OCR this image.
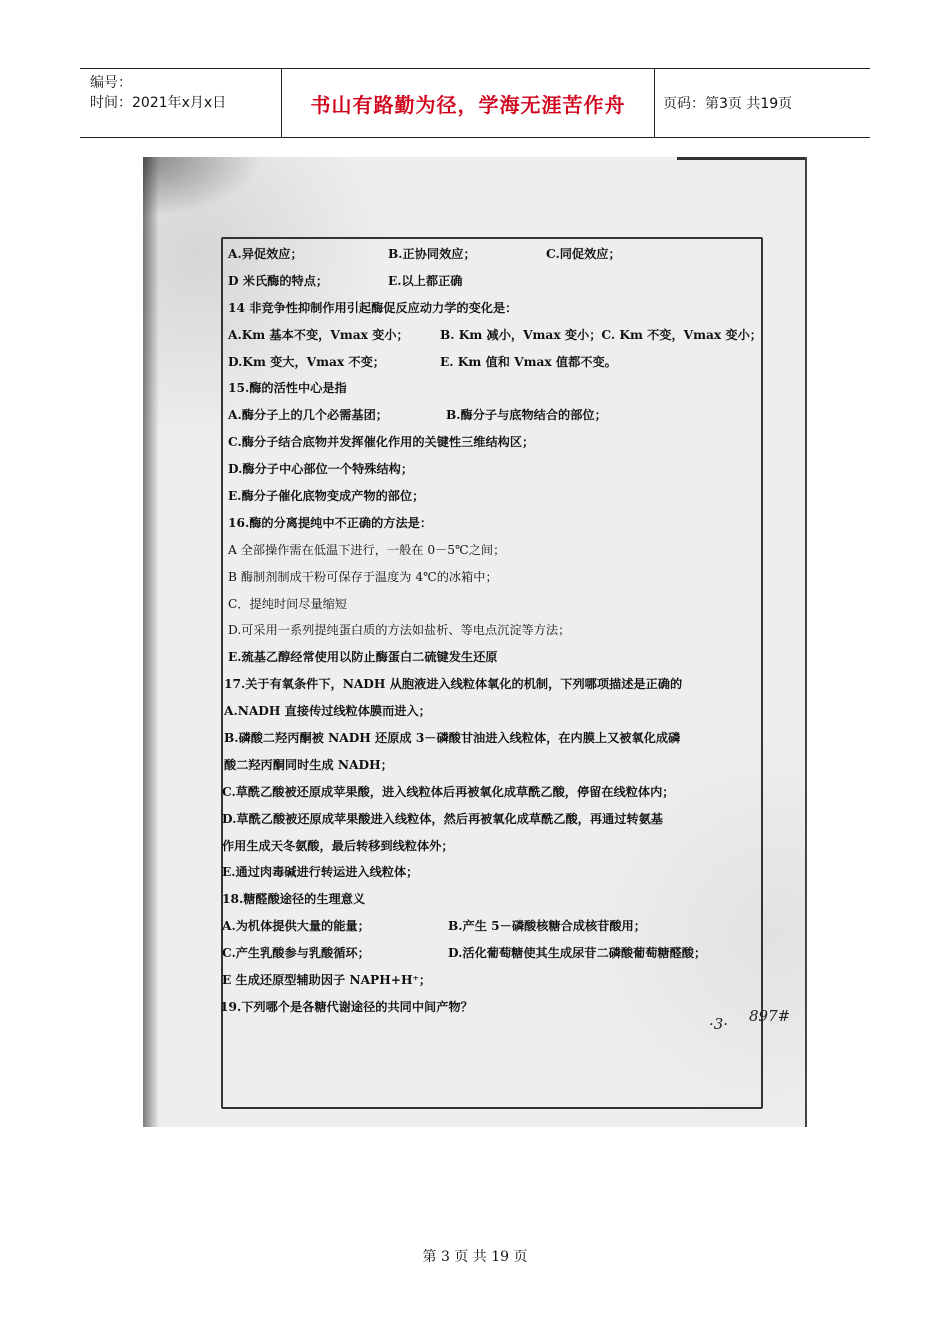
编号：
时间：2021年x月x日	书山有路勤为径，学海无涯苦作舟	页码：第3页 共19页
A.异促效应；	B.正协同效应；	C.同促效应；
D 米氏酶的特点；	E.以上都正确
14 非竞争性抑制作用引起酶促反应动力学的变化是：
A.Km 基本不变，Vmax 变小；	B. Km 减小，Vmax 变小；C. Km 不变，Vmax 变小；
D.Km 变大，Vmax 不变；	E. Km 值和 Vmax 值都不变。
15.酶的活性中心是指
A.酶分子上的几个必需基团；	B.酶分子与底物结合的部位；
C.酶分子结合底物并发挥催化作用的关键性三维结构区；
D.酶分子中心部位一个特殊结构；
E.酶分子催化底物变成产物的部位；
16.酶的分离提纯中不正确的方法是：
A 全部操作需在低温下进行，一般在 0－5℃之间；
B 酶制剂制成干粉可保存于温度为 4℃的冰箱中；
C．提纯时间尽量缩短
D.可采用一系列提纯蛋白质的方法如盐析、等电点沉淀等方法；
E.巯基乙醇经常使用以防止酶蛋白二硫键发生还原
17.关于有氧条件下，NADH 从胞液进入线粒体氧化的机制，下列哪项描述是正确的
A.NADH 直接传过线粒体膜而进入；
B.磷酸二羟丙酮被 NADH 还原成 3－磷酸甘油进入线粒体，在内膜上又被氧化成磷
酸二羟丙酮同时生成 NADH；
C.草酰乙酸被还原成苹果酸，进入线粒体后再被氧化成草酰乙酸，停留在线粒体内；
D.草酰乙酸被还原成苹果酸进入线粒体，然后再被氧化成草酰乙酸，再通过转氨基
作用生成天冬氨酸，最后转移到线粒体外；
E.通过肉毒碱进行转运进入线粒体；
18.糖醛酸途径的生理意义
A.为机体提供大量的能量；	B.产生 5－磷酸核糖合成核苷酸用；
C.产生乳酸参与乳酸循环；	D.活化葡萄糖使其生成尿苷二磷酸葡萄糖醛酸；
E 生成还原型辅助因子 NAPH+H⁺；
19.下列哪个是各糖代谢途径的共同中间产物？
·3· 897#
第 3 页 共 19 页
